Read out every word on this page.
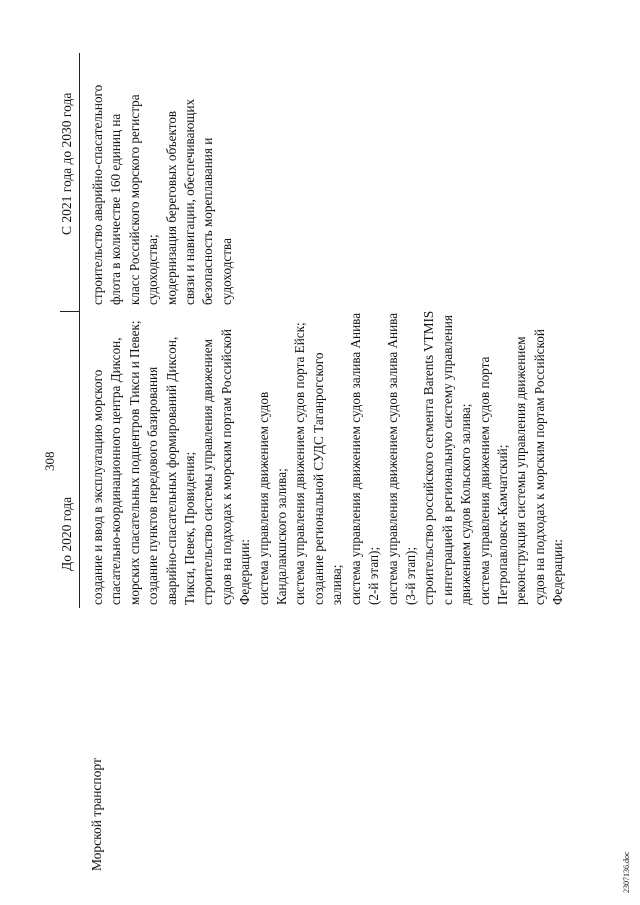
308
2307136.doc
До 2020 года
С 2021 года до 2030 года
Морской транспорт
создание и ввод в эксплуатацию морского спасательно-координационного центра Диксон, морских спасательных подцентров Тикси и Певек; создание пунктов передового базирования аварийно-спасательных формирований Диксон, Тикси, Певек, Провидения; строительство системы управления движением судов на подходах к морским портам Российской Федерации: система управления движением судов Кандалакшского залива; система управления движением судов порта Ейск; создание региональной СУДС Таганрогского залива; система управления движением судов залива Анива (2-й этап); система управления движением судов залива Анива (3-й этап); строительство российского сегмента Barents VTMIS с интеграцией в региональную систему управления движением судов Кольского залива; система управления движением судов порта Петропавловск-Камчатский; реконструкция системы управления движением судов на подходах к морским портам Российской Федерации:
строительство аварийно-спасательного флота в количестве 160 единиц на класс Российского морского регистра судоходства; модернизация береговых объектов связи и навигации, обеспечивающих безопасность мореплавания и судоходства
